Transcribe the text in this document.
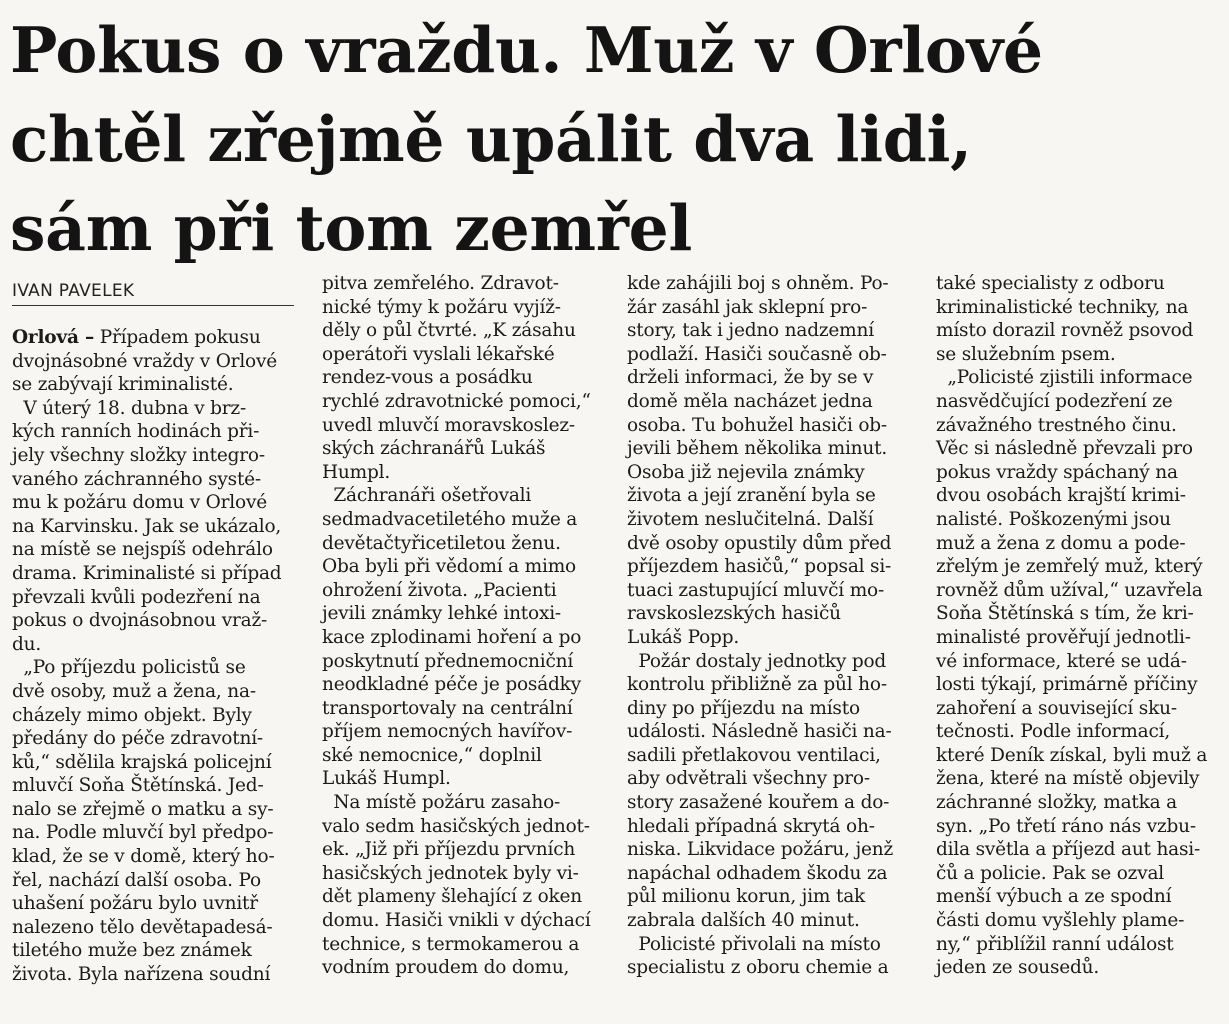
Pokus o vraždu. Muž v Orlové
chtěl zřejmě upálit dva lidi,
sám při tom zemřel
IVAN PAVELEK

Orlová – Případem pokusu

dvojnásobné vraždy v Orlové
se zabývají kriminalisté.
V úterý 18. dubna v brz-
kých ranních hodinách při-
jely všechny složky integro-
vaného záchranného systé-
mu k požáru domu v Orlové
na Karvinsku. Jak se ukázalo,
na místě se nejspíš odehrálo
drama. Kriminalisté si případ
převzali kvůli podezření na
pokus o dvojnásobnou vraž-
du.
„Po příjezdu policistů se
dvě osoby, muž a žena, na-
cházely mimo objekt. Byly
předány do péče zdravotní-
ků,“ sdělila krajská policejní
mluvčí Soňa Štětínská. Jed-
nalo se zřejmě o matku a sy-
na. Podle mluvčí byl předpo-
klad, že se v domě, který ho-
řel, nachází další osoba. Po
uhašení požáru bylo uvnitř
nalezeno tělo devětapadesá-
tiletého muže bez známek
života. Byla nařízena soudní
pitva zemřelého. Zdravot-
nické týmy k požáru vyjíž-
děly o půl čtvrté. „K zásahu
operátoři vyslali lékařské
rendez-vous a posádku
rychlé zdravotnické pomoci,“
uvedl mluvčí moravskoslez-
ských záchranářů Lukáš
Humpl.
Záchranáři ošetřovali
sedmadvacetiletého muže a
devětačtyřicetiletou ženu.
Oba byli při vědomí a mimo
ohrožení života. „Pacienti
jevili známky lehké intoxi-
kace zplodinami hoření a po
poskytnutí přednemocniční
neodkladné péče je posádky
transportovaly na centrální
příjem nemocných havířov-
ské nemocnice,“ doplnil
Lukáš Humpl.
Na místě požáru zasaho-
valo sedm hasičských jednot-
ek. „Již při příjezdu prvních
hasičských jednotek byly vi-
dět plameny šlehající z oken
domu. Hasiči vnikli v dýchací
technice, s termokamerou a
vodním proudem do domu,
kde zahájili boj s ohněm. Po-
žár zasáhl jak sklepní pro-
story, tak i jedno nadzemní
podlaží. Hasiči současně ob-
drželi informaci, že by se v
domě měla nacházet jedna
osoba. Tu bohužel hasiči ob-
jevili během několika minut.
Osoba již nejevila známky
života a její zranění byla se
životem neslučitelná. Další
dvě osoby opustily dům před
příjezdem hasičů,“ popsal si-
tuaci zastupující mluvčí mo-
ravskoslezských hasičů
Lukáš Popp.
Požár dostaly jednotky pod
kontrolu přibližně za půl ho-
diny po příjezdu na místo
události. Následně hasiči na-
sadili přetlakovou ventilaci,
aby odvětrali všechny pro-
story zasažené kouřem a do-
hledali případná skrytá oh-
niska. Likvidace požáru, jenž
napáchal odhadem škodu za
půl milionu korun, jim tak
zabrala dalších 40 minut.
Policisté přivolali na místo
specialistu z oboru chemie a
také specialisty z odboru
kriminalistické techniky, na
místo dorazil rovněž psovod
se služebním psem.
„Policisté zjistili informace
nasvědčující podezření ze
závažného trestného činu.
Věc si následně převzali pro
pokus vraždy spáchaný na
dvou osobách krajští krimi-
nalisté. Poškozenými jsou
muž a žena z domu a pode-
zřelým je zemřelý muž, který
rovněž dům užíval,“ uzavřela
Soňa Štětínská s tím, že kri-
minalisté prověřují jednotli-
vé informace, které se udá-
losti týkají, primárně příčiny
zahoření a související sku-
tečnosti. Podle informací,
které Deník získal, byli muž a
žena, které na místě objevily
záchranné složky, matka a
syn. „Po třetí ráno nás vzbu-
dila světla a příjezd aut hasi-
čů a policie. Pak se ozval
menší výbuch a ze spodní
části domu vyšlehly plame-
ny,“ přiblížil ranní událost
jeden ze sousedů.
